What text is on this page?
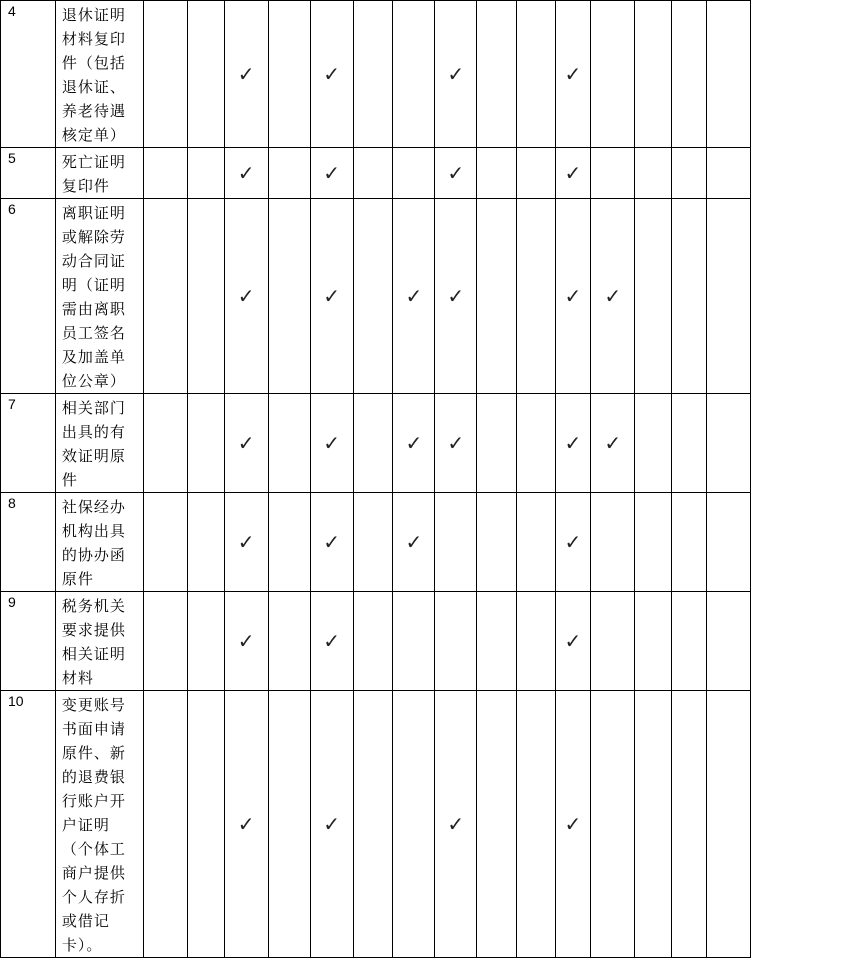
4	退休证明材料复印件（包括退休证、养老待遇核定单）			✓		✓			✓			✓				
5	死亡证明复印件			✓		✓			✓			✓				
6	离职证明或解除劳动合同证明（证明需由离职员工签名及加盖单位公章）			✓		✓		✓	✓			✓	✓			
7	相关部门出具的有效证明原件			✓		✓		✓	✓			✓	✓			
8	社保经办机构出具的协办函原件			✓		✓		✓				✓				
9	税务机关要求提供相关证明材料			✓		✓						✓				
10	变更账号书面申请原件、新的退费银行账户开户证明（个体工商户提供个人存折或借记卡）。			✓		✓			✓			✓				
